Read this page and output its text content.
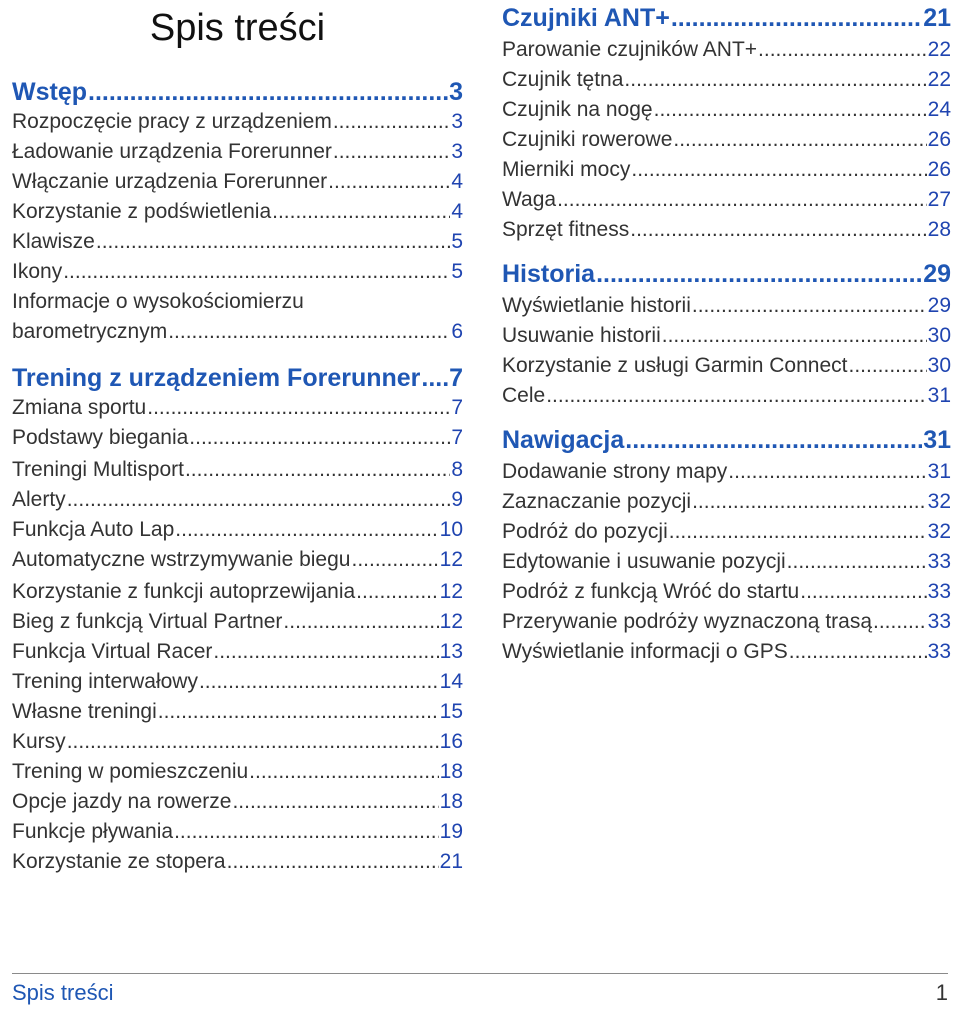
Spis treści
Wstęp .....	3
Rozpoczęcie pracy z urządzeniem .....	3
Ładowanie urządzenia Forerunner .....	3
Włączanie urządzenia Forerunner .....	4
Korzystanie z podświetlenia .....	4
Klawisze .....	5
Ikony .....	5
Informacje o wysokościomierzu
barometrycznym .....	6
Trening z urządzeniem Forerunner ..... 7
Zmiana sportu .....	7
Podstawy biegania .....	7
Treningi Multisport .....	8
Alerty .....	9
Funkcja Auto Lap .....	10
Automatyczne wstrzymywanie biegu .....	12
Korzystanie z funkcji autoprzewijania .....	12
Bieg z funkcją Virtual Partner .....	12
Funkcja Virtual Racer .....	13
Trening interwałowy .....	14
Własne treningi .....	15
Kursy .....	16
Trening w pomieszczeniu .....	18
Opcje jazdy na rowerze .....	18
Funkcje pływania .....	19
Korzystanie ze stopera .....	21
Czujniki ANT+ .....	21
Parowanie czujników ANT+ .....	22
Czujnik tętna .....	22
Czujnik na nogę .....	24
Czujniki rowerowe .....	26
Mierniki mocy .....	26
Waga .....	27
Sprzęt fitness .....	28
Historia .....	29
Wyświetlanie historii .....	29
Usuwanie historii .....	30
Korzystanie z usługi Garmin Connect .....	30
Cele .....	31
Nawigacja .....	31
Dodawanie strony mapy .....	31
Zaznaczanie pozycji .....	32
Podróż do pozycji .....	32
Edytowanie i usuwanie pozycji .....	33
Podróż z funkcją Wróć do startu .....	33
Przerywanie podróży wyznaczoną trasą .....	33
Wyświetlanie informacji o GPS .....	33
Spis treści	1
